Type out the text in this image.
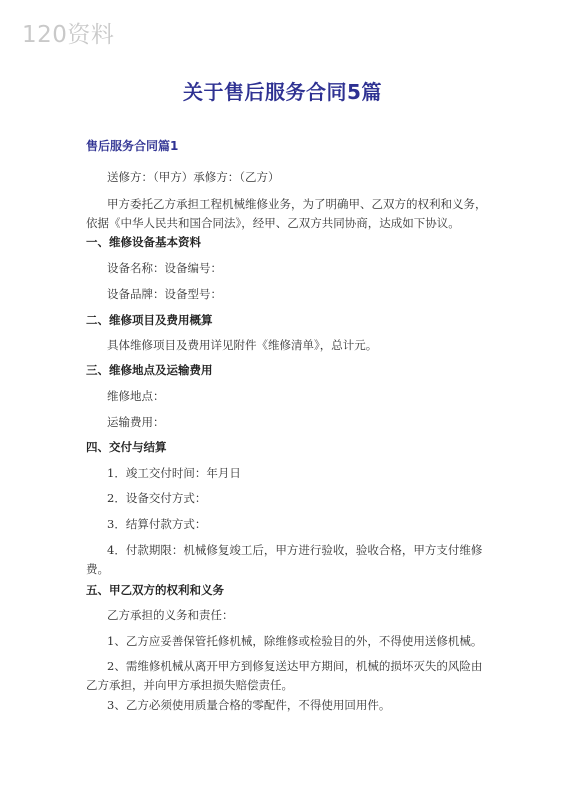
120资料
关于售后服务合同5篇
售后服务合同篇1
送修方：（甲方）承修方：（乙方）
甲方委托乙方承担工程机械维修业务，为了明确甲、乙双方的权利和义务，依据《中华人民共和国合同法》，经甲、乙双方共同协商，达成如下协议。
一、维修设备基本资料
设备名称：设备编号：
设备品牌：设备型号：
二、维修项目及费用概算
具体维修项目及费用详见附件《维修清单》，总计元。
三、维修地点及运输费用
维修地点：
运输费用：
四、交付与结算
1．竣工交付时间：年月日
2．设备交付方式：
3．结算付款方式：
4．付款期限：机械修复竣工后，甲方进行验收，验收合格，甲方支付维修费。
五、甲乙双方的权利和义务
乙方承担的义务和责任：
1、乙方应妥善保管托修机械，除维修或检验目的外，不得使用送修机械。
2、需维修机械从离开甲方到修复送达甲方期间，机械的损坏灭失的风险由乙方承担，并向甲方承担损失赔偿责任。
3、乙方必须使用质量合格的零配件，不得使用回用件。
